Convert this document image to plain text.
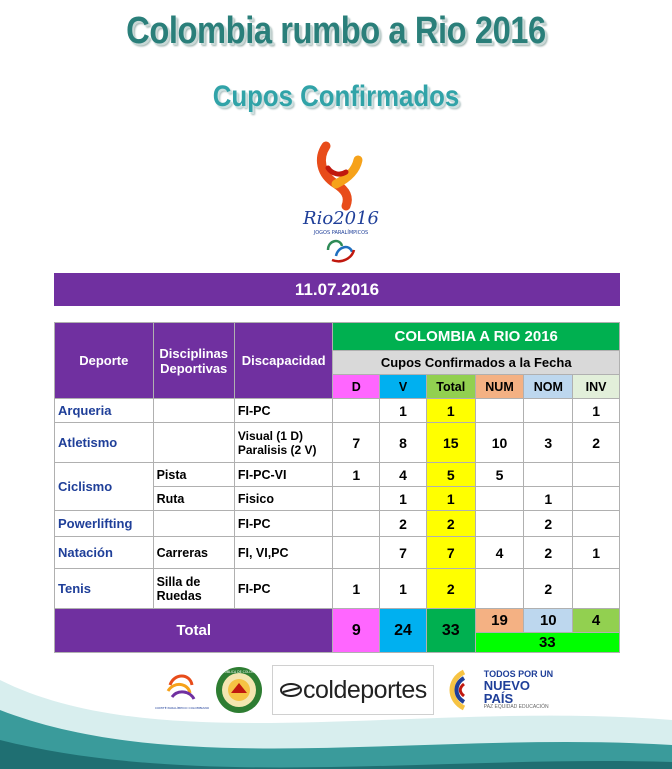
Colombia rumbo a Rio 2016
Cupos Confirmados
Rio2016
JOGOS PARALÍMPICOS
11.07.2016
Deporte	Disciplinas Deportivas	Discapacidad	COLOMBIA A RIO 2016					
			Cupos Confirmados a la Fecha					
			D	V	Total	NUM	NOM	INV
Arqueria		FI-PC		1	1			1
Atletismo		Visual (1 D) Paralisis (2 V)	7	8	15	10	3	2
Ciclismo	Pista	FI-PC-VI	1	4	5	5		
	Ruta	Fisico		1	1		1	
Powerlifting		FI-PC		2	2		2	
Natación	Carreras	FI, VI,PC		7	7	4	2	1
Tenis	Silla de Ruedas	FI-PC	1	1	2		2	
Total			9	24	33	19	10	4
						33		
COMITÉ PARALÍMPICO COLOMBIANO
REPÚBLICA DE COLOMBIA
coldeportes
TODOS POR UN
NUEVO PAÍS
PAZ EQUIDAD EDUCACIÓN
